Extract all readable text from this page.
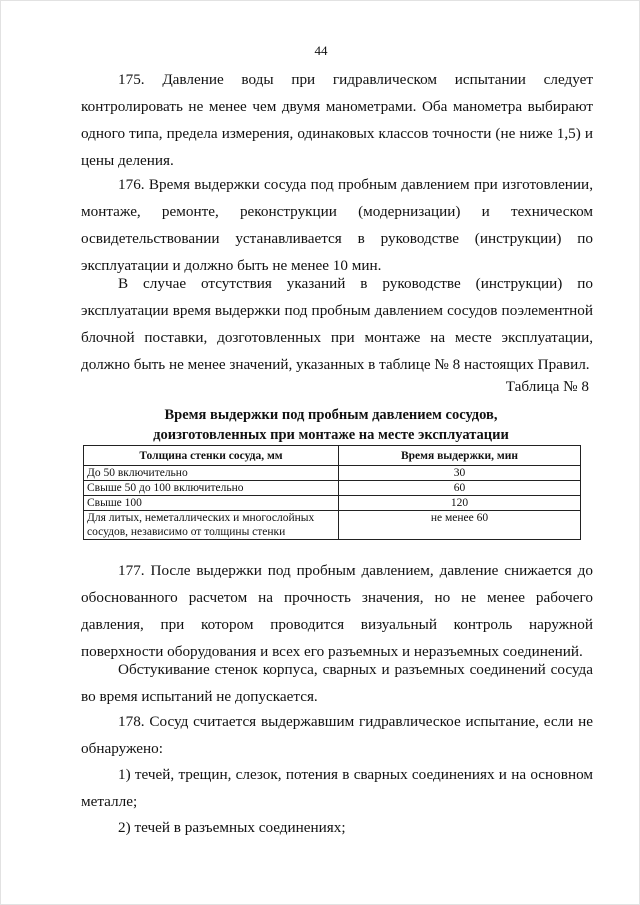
44

175. Давление воды при гидравлическом испытании следует контролировать не менее чем двумя манометрами. Оба манометра выбирают одного типа, предела измерения, одинаковых классов точности (не ниже 1,5) и цены деления.

176. Время выдержки сосуда под пробным давлением при изготовлении, монтаже, ремонте, реконструкции (модернизации) и техническом освидетельствовании устанавливается в руководстве (инструкции) по эксплуатации и должно быть не менее 10 мин.

В случае отсутствия указаний в руководстве (инструкции) по эксплуатации время выдержки под пробным давлением сосудов поэлементной блочной поставки, дозготовленных при монтаже на месте эксплуатации, должно быть не менее значений, указанных в таблице № 8 настоящих Правил.

Таблица № 8
Время выдержки под пробным давлением сосудов,
доизготовленных при монтаже на месте эксплуатации
Толщина стенки сосуда, мм	Время выдержки, мин
До 50 включительно	30
Свыше 50 до 100 включительно	60
Свыше 100	120
Для литых, неметаллических и многослойных сосудов, независимо от толщины стенки	не менее 60

177. После выдержки под пробным давлением, давление снижается до обоснованного расчетом на прочность значения, но не менее рабочего давления, при котором проводится визуальный контроль наружной поверхности оборудования и всех его разъемных и неразъемных соединений.

Обстукивание стенок корпуса, сварных и разъемных соединений сосуда во время испытаний не допускается.

178. Сосуд считается выдержавшим гидравлическое испытание, если не обнаружено:

1) течей, трещин, слезок, потения в сварных соединениях и на основном металле;

2) течей в разъемных соединениях;
